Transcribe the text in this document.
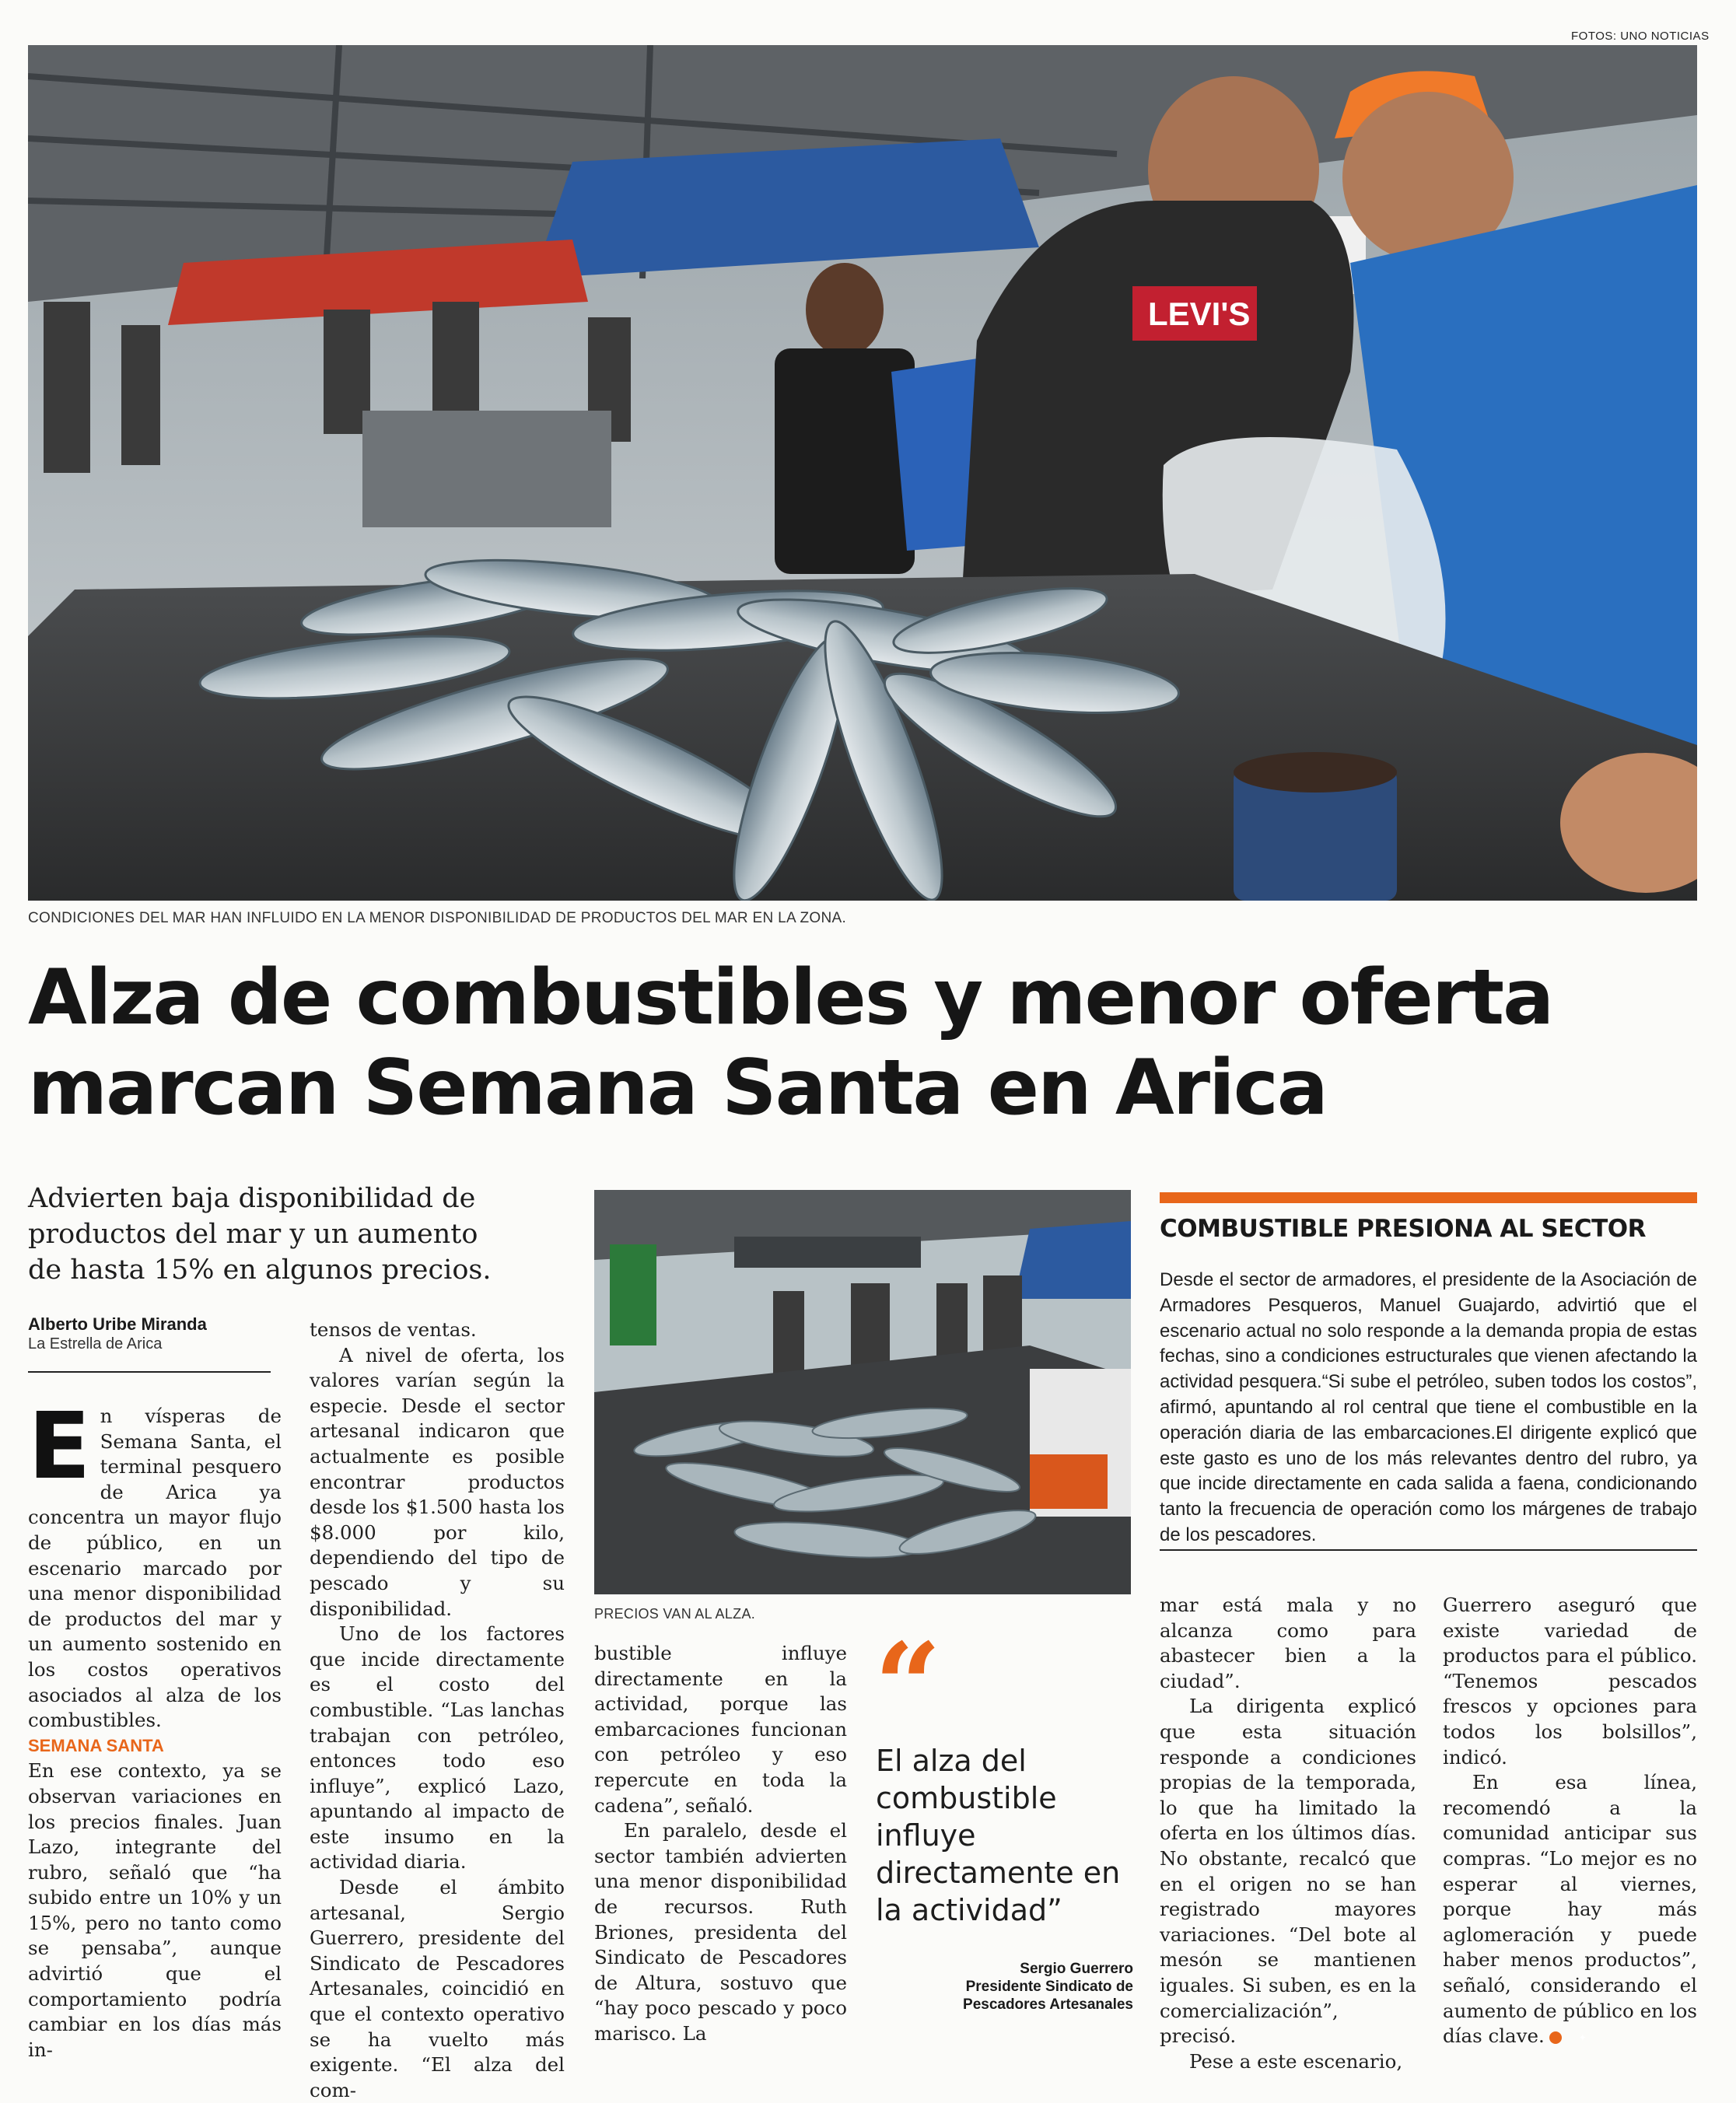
FOTOS: UNO NOTICIAS
LEVI'S
CONDICIONES DEL MAR HAN INFLUIDO EN LA MENOR DISPONIBILIDAD DE PRODUCTOS DEL MAR EN LA ZONA.
Alza de combustibles y menor oferta marcan Semana Santa en Arica

Advierten baja disponibilidad de productos del mar y un aumento de hasta 15% en algunos precios.

Alberto Uribe Miranda
La Estrella de Arica

En vísperas de Semana Santa, el terminal pesquero de Arica ya concentra un mayor flujo de público, en un escenario marcado por una menor disponibilidad de productos del mar y un aumento sostenido en los costos operativos asociados al alza de los combustibles.

SEMANA SANTA

En ese contexto, ya se observan variaciones en los precios finales. Juan Lazo, integrante del rubro, señaló que “ha subido entre un 10% y un 15%, pero no tanto como se pensaba”, aunque advirtió que el comportamiento podría cambiar en los días más in-

tensos de ventas.

A nivel de oferta, los valores varían según la especie. Desde el sector artesanal indicaron que actualmente es posible encontrar productos desde los $1.500 hasta los $8.000 por kilo, dependiendo del tipo de pescado y su disponibilidad.

Uno de los factores que incide directamente es el costo del combustible. “Las lanchas trabajan con petróleo, entonces todo eso influye”, explicó Lazo, apuntando al impacto de este insumo en la actividad diaria.

Desde el ámbito artesanal, Sergio Guerrero, presidente del Sindicato de Pescadores Artesanales, coincidió en que el contexto operativo se ha vuelto más exigente. “El alza del com-

PRECIOS VAN AL ALZA.

bustible influye directamente en la actividad, porque las embarcaciones funcionan con petróleo y eso repercute en toda la cadena”, señaló.

En paralelo, desde el sector también advierten una menor disponibilidad de recursos. Ruth Briones, presidenta del Sindicato de Pescadores de Altura, sostuvo que “hay poco pescado y poco marisco. La

“
El alza del combustible influye directamente en la actividad”
Sergio Guerrero
Presidente Sindicato de Pescadores Artesanales
COMBUSTIBLE PRESIONA AL SECTOR

Desde el sector de armadores, el presidente de la Asociación de Armadores Pesqueros, Manuel Guajardo, advirtió que el escenario actual no solo responde a la demanda propia de estas fechas, sino a condiciones estructurales que vienen afectando la actividad pesquera.“Si sube el petróleo, suben todos los costos”, afirmó, apuntando al rol central que tiene el combustible en la operación diaria de las embarcaciones.El dirigente explicó que este gasto es uno de los más relevantes dentro del rubro, ya que incide directamente en cada salida a faena, condicionando tanto la frecuencia de operación como los márgenes de trabajo de los pescadores.

mar está mala y no alcanza como para abastecer bien a la ciudad”.

La dirigenta explicó que esta situación responde a condiciones propias de la temporada, lo que ha limitado la oferta en los últimos días. No obstante, recalcó que en el origen no se han registrado mayores variaciones. “Del bote al mesón se mantienen iguales. Si suben, es en la comercialización”, precisó.

Pese a este escenario,

Guerrero aseguró que existe variedad de productos para el público. “Tenemos pescados frescos y opciones para todos los bolsillos”, indicó.

En esa línea, recomendó a la comunidad anticipar sus compras. “Lo mejor es no esperar al viernes, porque hay más aglomeración y puede haber menos productos”, señaló, considerando el aumento de público en los días clave.	✦
